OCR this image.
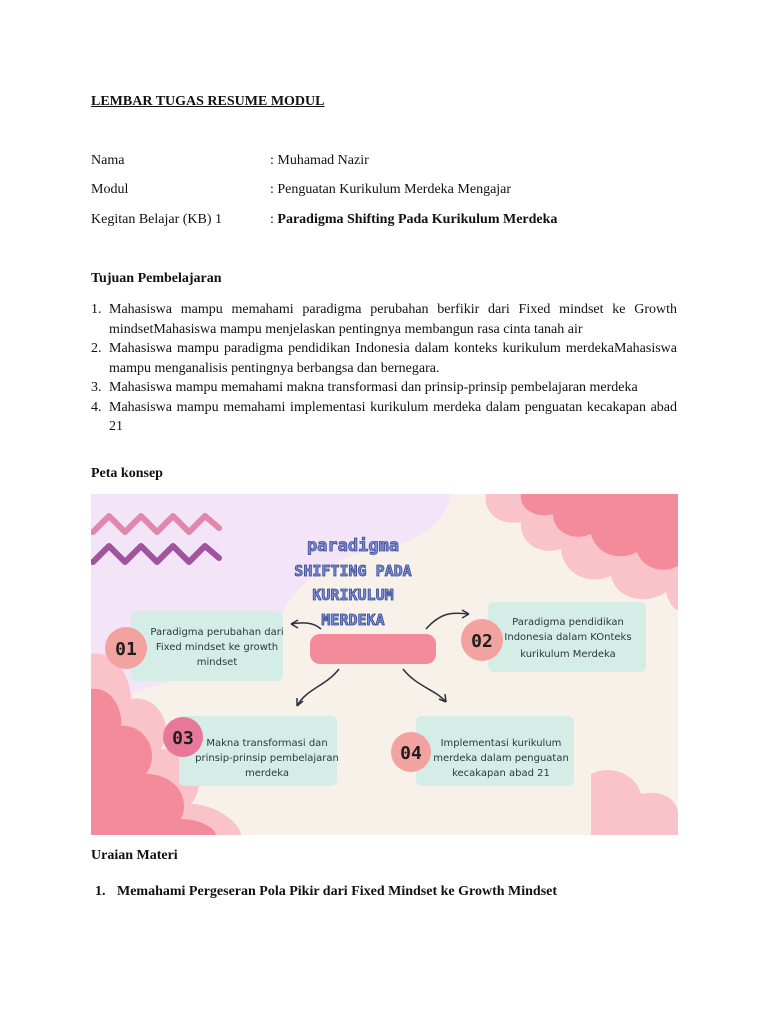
LEMBAR TUGAS RESUME MODUL
Nama	: Muhamad Nazir
Modul	: Penguatan Kurikulum Merdeka Mengajar
Kegitan Belajar (KB) 1	: Paradigma Shifting Pada Kurikulum Merdeka
Tujuan Pembelajaran
1. Mahasiswa mampu memahami paradigma perubahan berfikir dari Fixed mindset ke Growth mindsetMahasiswa mampu menjelaskan pentingnya membangun rasa cinta tanah air
2. Mahasiswa mampu paradigma pendidikan Indonesia dalam konteks kurikulum merdekaMahasiswa mampu menganalisis pentingnya berbangsa dan bernegara.
3. Mahasiswa mampu memahami makna transformasi dan prinsip-prinsip pembelajaran merdeka
4. Mahasiswa mampu memahami implementasi kurikulum merdeka dalam penguatan kecakapan abad 21
Peta konsep
paradigma
SHIFTING PADA
KURIKULUM
MERDEKA
01	02
03
04
Paradigma perubahan dari
Fixed mindset ke growth
mindset
Paradigma pendidikan
Indonesia dalam KOnteks
kurikulum Merdeka
Makna transformasi dan
prinsip-prinsip pembelajaran
merdeka
Implementasi kurikulum
merdeka dalam penguatan
kecakapan abad 21
Uraian Materi
1. Memahami Pergeseran Pola Pikir dari Fixed Mindset ke Growth Mindset
